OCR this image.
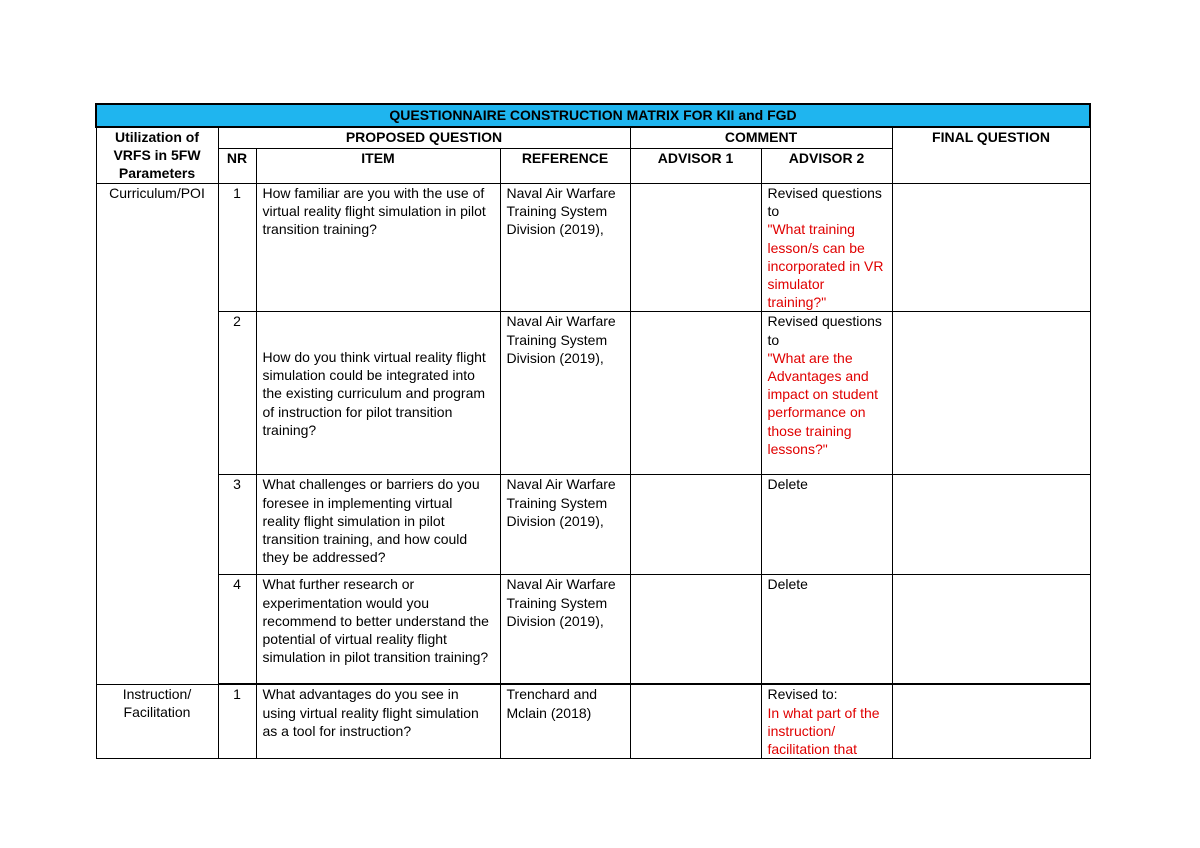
QUESTIONNAIRE CONSTRUCTION MATRIX FOR KII and FGD						
Utilization of VRFS in 5FW Parameters	PROPOSED QUESTION			COMMENT		FINAL QUESTION
	NR	ITEM	REFERENCE	ADVISOR 1	ADVISOR 2	
Curriculum/POI	1	How familiar are you with the use of virtual reality flight simulation in pilot transition training?	Naval Air Warfare Training System Division (2019),		Revised questions to
"What training lesson/s can be incorporated in VR simulator training?"	

	2	How do you think virtual reality flight simulation could be integrated into the existing curriculum and program of instruction for pilot transition training?	Naval Air Warfare Training System Division (2019),		Revised questions to
"What are the Advantages and impact on student performance on those training lessons?"	

	3	What challenges or barriers do you foresee in implementing virtual reality flight simulation in pilot transition training, and how could they be addressed?	Naval Air Warfare Training System Division (2019),		Delete	
	4	What further research or experimentation would you recommend to better understand the potential of virtual reality flight simulation in pilot transition training?	Naval Air Warfare Training System Division (2019),		Delete	
Instruction/ Facilitation	1	What advantages do you see in using virtual reality flight simulation as a tool for instruction?	Trenchard and Mclain (2018)		Revised to:
In what part of the instruction/ facilitation that	
